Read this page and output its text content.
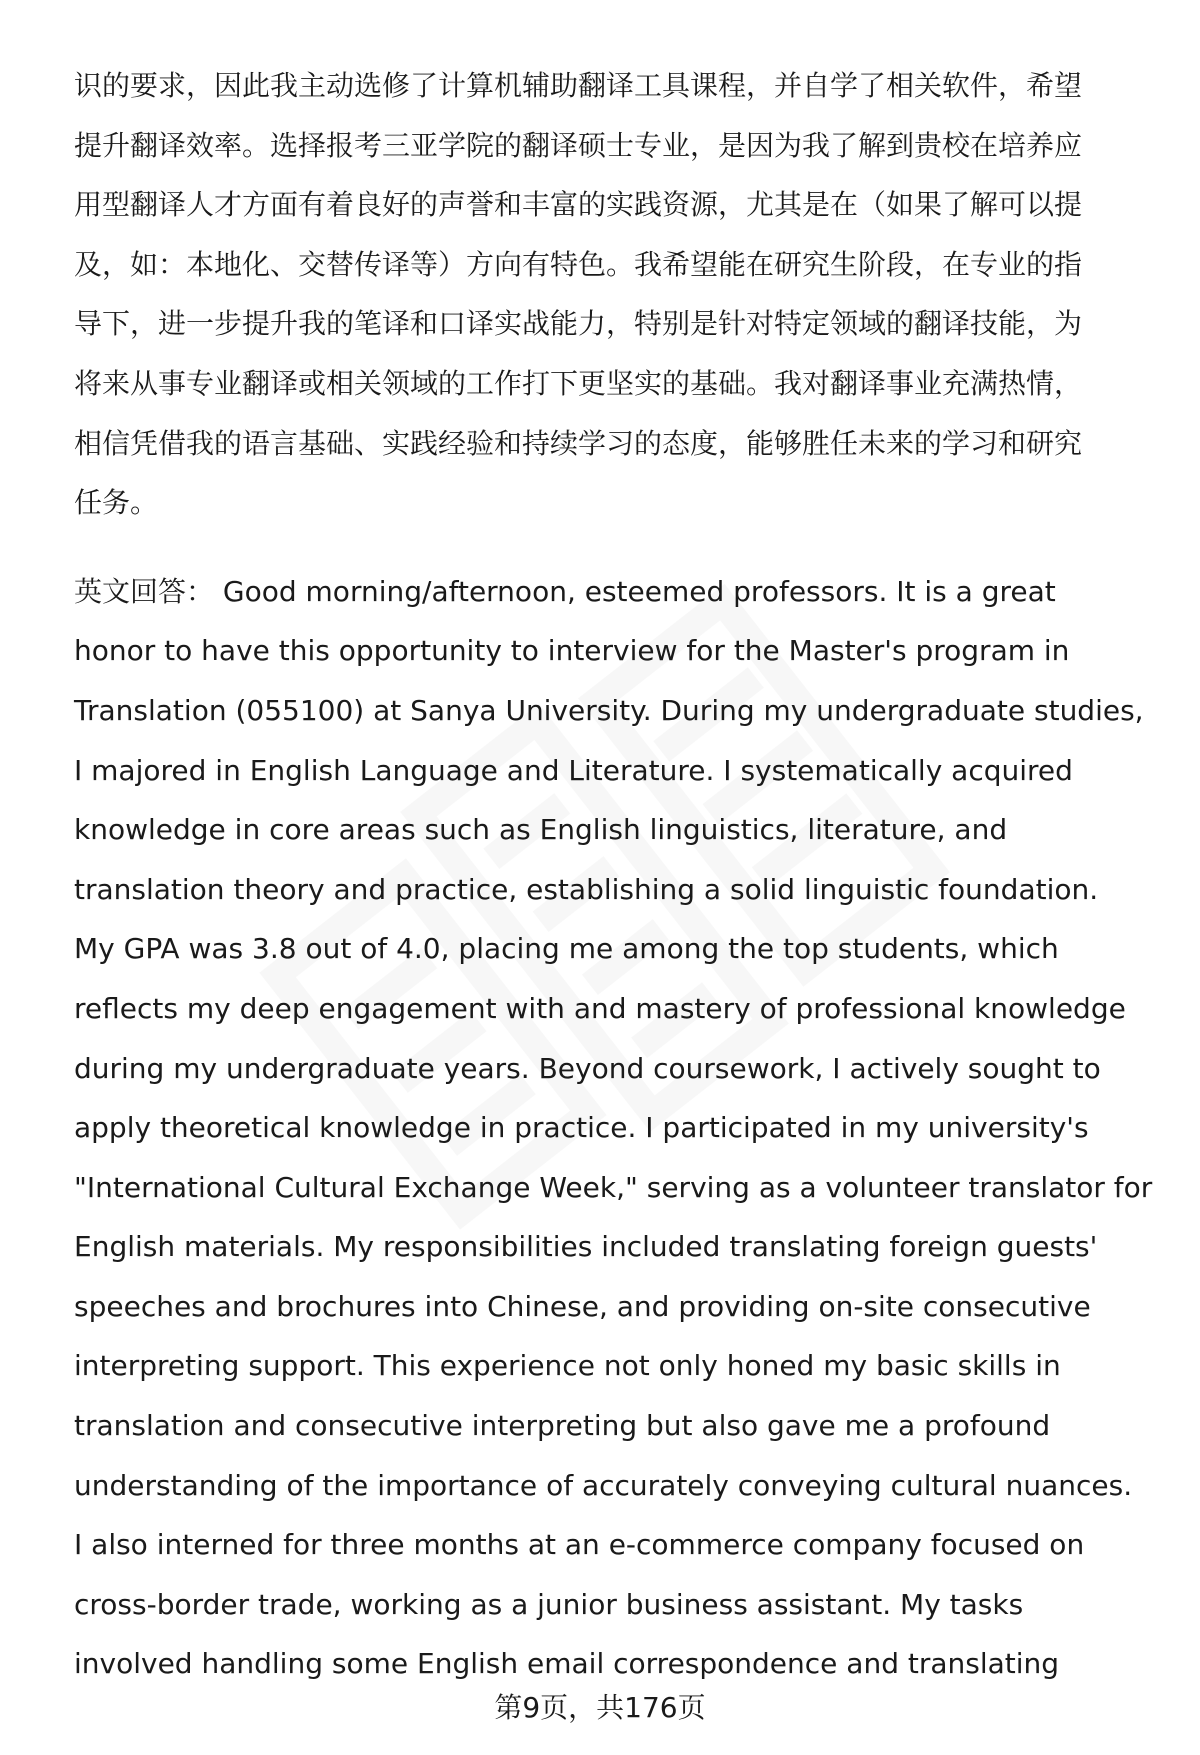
识的要求，因此我主动选修了计算机辅助翻译工具课程，并自学了相关软件，希望
提升翻译效率。选择报考三亚学院的翻译硕士专业，是因为我了解到贵校在培养应
用型翻译人才方面有着良好的声誉和丰富的实践资源，尤其是在（如果了解可以提
及，如：本地化、交替传译等）方向有特色。我希望能在研究生阶段，在专业的指
导下，进一步提升我的笔译和口译实战能力，特别是针对特定领域的翻译技能，为
将来从事专业翻译或相关领域的工作打下更坚实的基础。我对翻译事业充满热情，
相信凭借我的语言基础、实践经验和持续学习的态度，能够胜任未来的学习和研究
任务。

英文回答： Good morning/afternoon, esteemed professors. It is a great
honor to have this opportunity to interview for the Master's program in
Translation (055100) at Sanya University. During my undergraduate studies,
I majored in English Language and Literature. I systematically acquired
knowledge in core areas such as English linguistics, literature, and
translation theory and practice, establishing a solid linguistic foundation.
My GPA was 3.8 out of 4.0, placing me among the top students, which
reflects my deep engagement with and mastery of professional knowledge
during my undergraduate years. Beyond coursework, I actively sought to
apply theoretical knowledge in practice. I participated in my university's
"International Cultural Exchange Week," serving as a volunteer translator for
English materials. My responsibilities included translating foreign guests'
speeches and brochures into Chinese, and providing on-site consecutive
interpreting support. This experience not only honed my basic skills in
translation and consecutive interpreting but also gave me a profound
understanding of the importance of accurately conveying cultural nuances.
I also interned for three months at an e-commerce company focused on
cross-border trade, working as a junior business assistant. My tasks
involved handling some English email correspondence and translating

第9页，共176页
